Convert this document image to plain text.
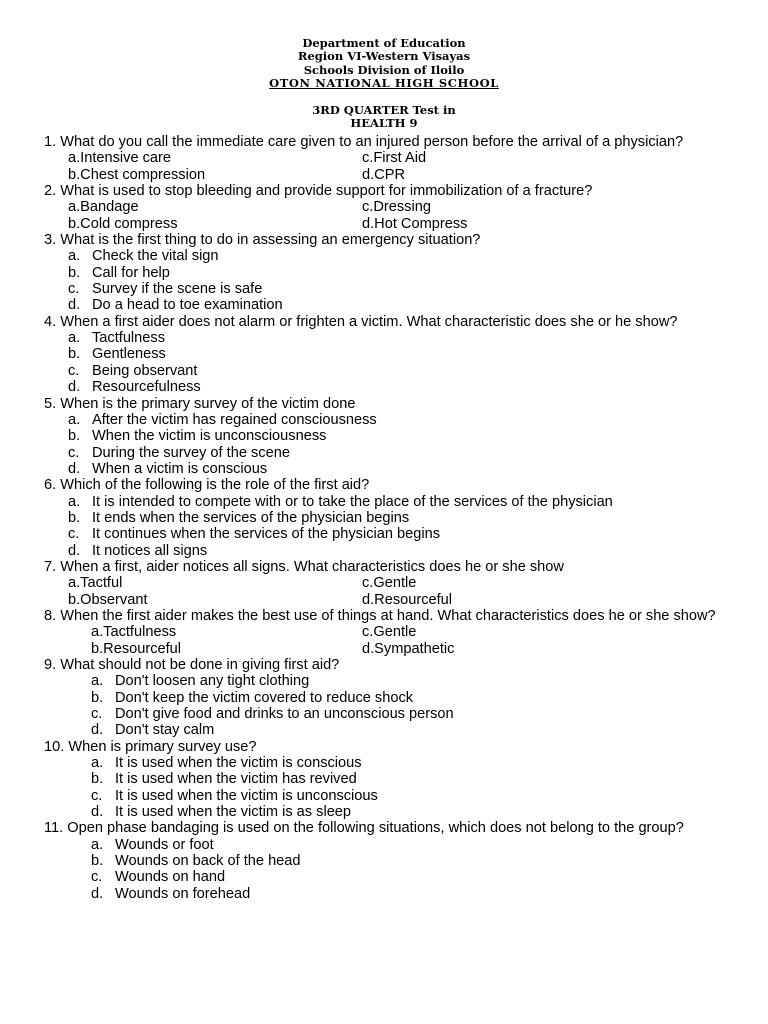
Department of Education
Region VI-Western Visayas
Schools Division of Iloilo
OTON NATIONAL HIGH SCHOOL
3RD QUARTER Test in
HEALTH 9
1. What do you call the immediate care given to an injured person before the arrival of a physician?
a. Intensive care	c. First Aid
b. Chest compression	d. CPR
2. What is used to stop bleeding and provide support for immobilization of a fracture?
a. Bandage	c. Dressing
b. Cold compress	d. Hot Compress
3. What is the first thing to do in assessing an emergency situation?
a. Check the vital sign
b. Call for help
c. Survey if the scene is safe
d. Do a head to toe examination
4. When a first aider does not alarm or frighten a victim. What characteristic does she or he show?
a. Tactfulness
b. Gentleness
c. Being observant
d. Resourcefulness
5. When is the primary survey of the victim done
a. After the victim has regained consciousness
b. When the victim is unconsciousness
c. During the survey of the scene
d. When a victim is conscious
6. Which of the following is the role of the first aid?
a. It is intended to compete with or to take the place of the services of the physician
b. It ends when the services of the physician begins
c. It continues when the services of the physician begins
d. It notices all signs
7. When a first, aider notices all signs. What characteristics does he or she show
a. Tactful	c. Gentle
b. Observant	d. Resourceful
8. When the first aider makes the best use of things at hand. What characteristics does he or she show?
a. Tactfulness	c. Gentle
b. Resourceful	d. Sympathetic
9. What should not be done in giving first aid?
a. Don't loosen any tight clothing
b. Don't keep the victim covered to reduce shock
c. Don't give food and drinks to an unconscious person
d. Don't stay calm
10. When is primary survey use?
a. It is used when the victim is conscious
b. It is used when the victim has revived
c. It is used when the victim is unconscious
d. It is used when the victim is as sleep
11. Open phase bandaging is used on the following situations, which does not belong to the group?
a. Wounds or foot
b. Wounds on back of the head
c. Wounds on hand
d. Wounds on forehead
